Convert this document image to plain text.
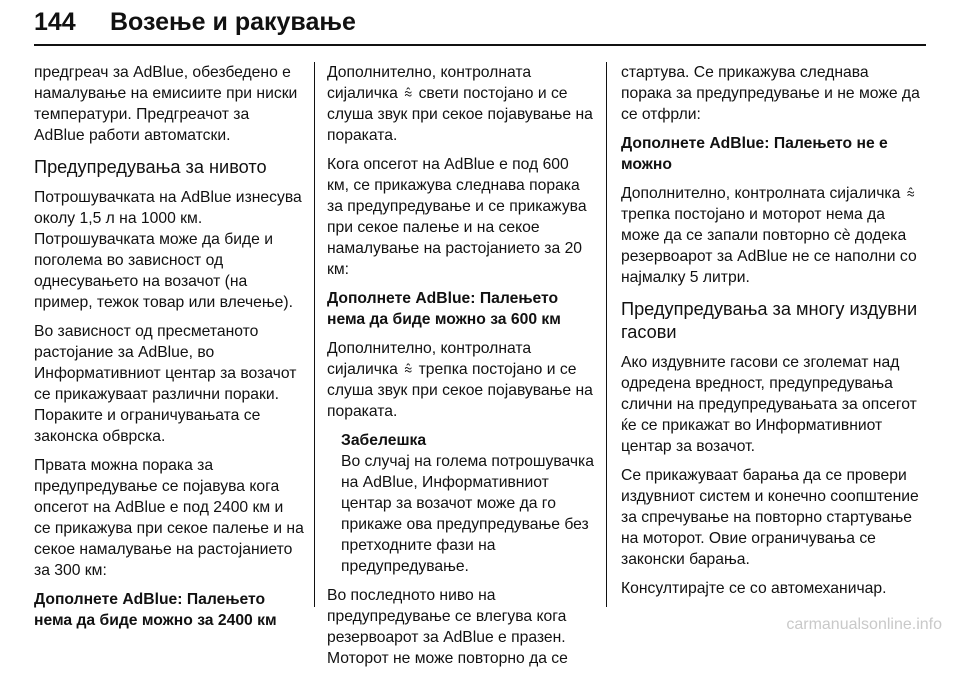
144 Возење и ракување

предгреач за AdBlue, обезбедено е намалување на емисиите при ниски температури. Предгреачот за AdBlue работи автоматски.

Предупредувања за нивото

Потрошувачката на AdBlue изнесува околу 1,5 л на 1000 км. Потрошувачката може да биде и поголема во зависност од однесувањето на возачот (на пример, тежок товар или влечење).

Во зависност од пресметаното растојание за AdBlue, во Информативниот центар за возачот се прикажуваат различни пораки. Пораките и ограничувањата се законска обврска.

Првата можна порака за предупредување се појавува кога опсегот на AdBlue е под 2400 км и се прикажува при секое палење и на секое намалување на растојанието за 300 км:

Дополнете AdBlue: Палењето нема да биде можно за 2400 км

Дополнително, контролната сијаличка ⩯ свети постојано и се слуша звук при секое појавување на пораката.

Кога опсегот на AdBlue е под 600 км, се прикажува следнава порака за предупредување и се прикажува при секое палење и на секое намалување на растојанието за 20 км:

Дополнете AdBlue: Палењето нема да биде можно за 600 км

Дополнително, контролната сијаличка ⩯ трепка постојано и се слуша звук при секое појавување на пораката.

Забелешка
Во случај на голема потрошувачка на AdBlue, Информативниот центар за возачот може да го прикаже ова предупредување без претходните фази на предупредување.

Во последното ниво на предупредување се влегува кога резервоарот за AdBlue е празен. Моторот не може повторно да се

стартува. Се прикажува следнава порака за предупредување и не може да се отфрли:

Дополнете AdBlue: Палењето не е можно

Дополнително, контролната сијаличка ⩯ трепка постојано и моторот нема да може да се запали повторно сè додека резервоарот за AdBlue не се наполни со најмалку 5 литри.

Предупредувања за многу издувни гасови

Ако издувните гасови се зголемат над одредена вредност, предупредувања слични на предупредувањата за опсегот ќе се прикажат во Информативниот центар за возачот.

Се прикажуваат барања да се провери издувниот систем и конечно соопштение за спречување на повторно стартување на моторот. Овие ограничувања се законски барања.

Консултирајте се со автомеханичар.

carmanualsonline.info
